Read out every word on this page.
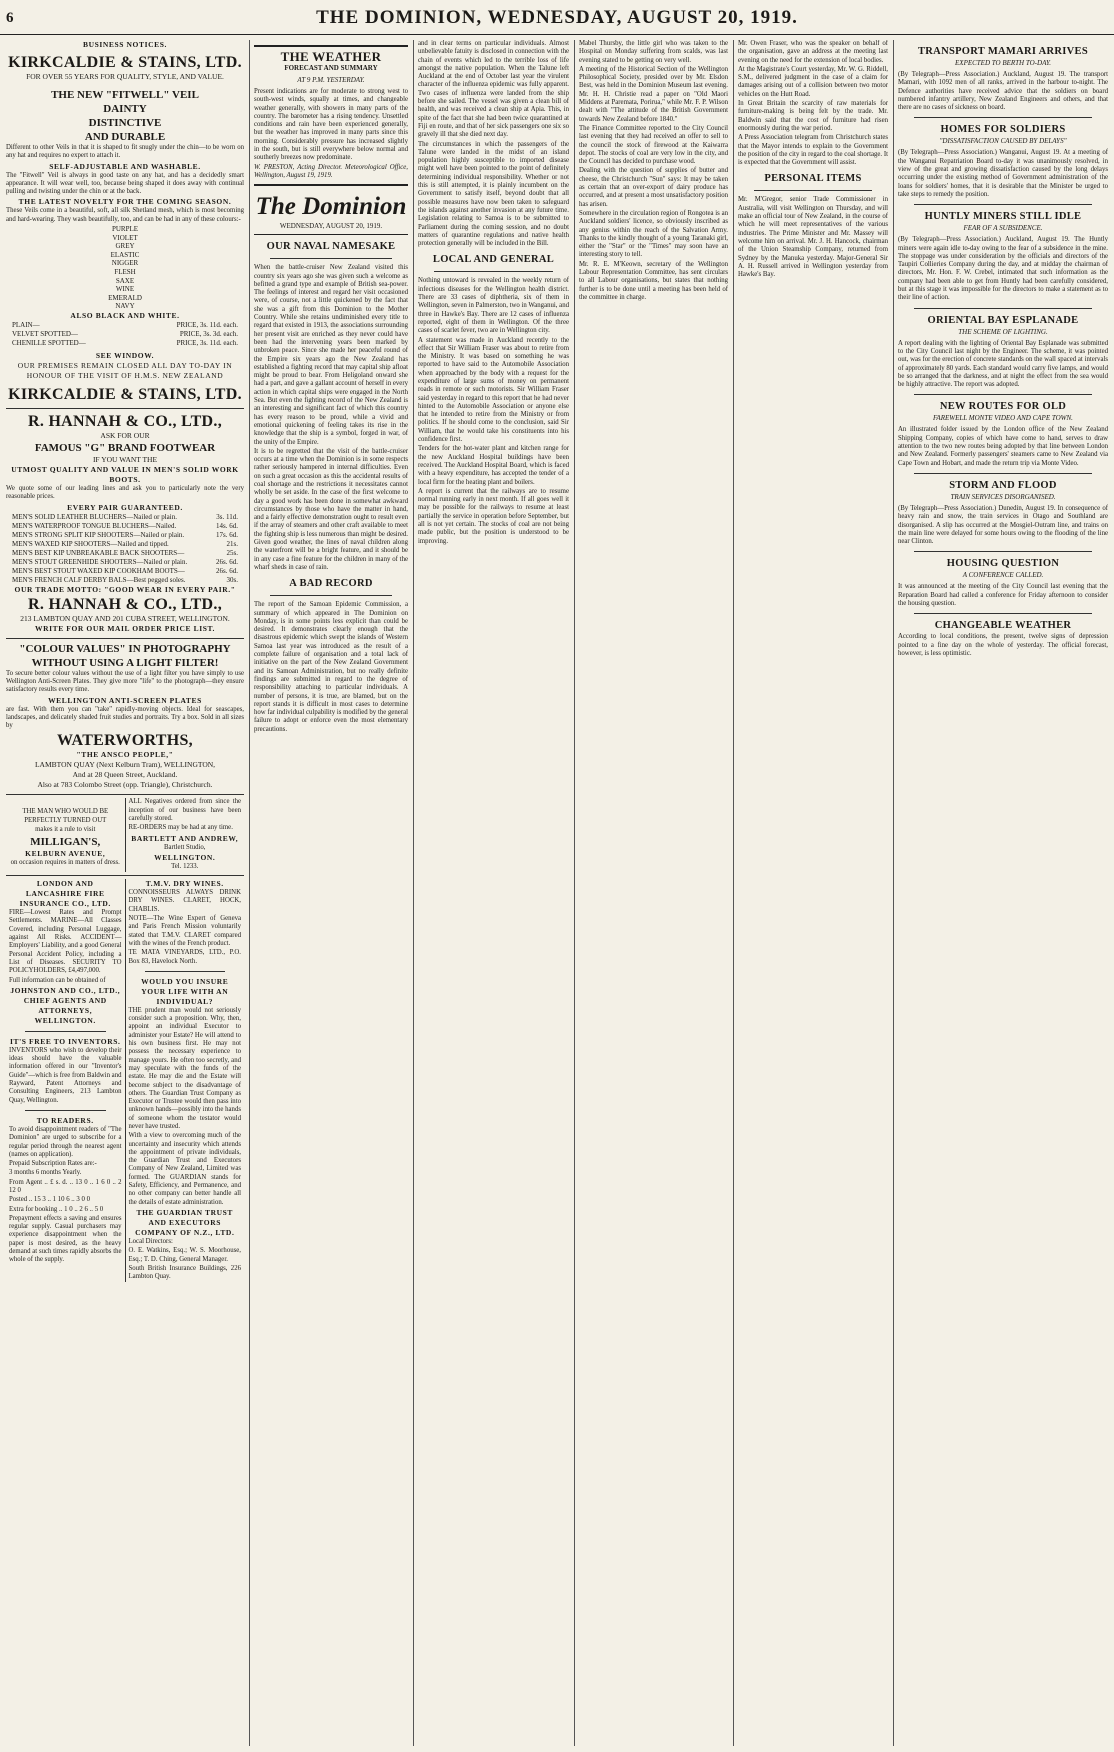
6	THE DOMINION, WEDNESDAY, AUGUST 20, 1919.
BUSINESS NOTICES.
KIRKCALDIE & STAINS, LTD.
FOR OVER 55 YEARS FOR QUALITY, STYLE, AND VALUE.
THE NEW "FITWELL" VEIL
DAINTY
DISTINCTIVE
AND DURABLE

Different to other Veils in that it is shaped to fit snugly under the chin—to be worn on any hat and requires no expert to attach it.

SELF-ADJUSTABLE AND WASHABLE.

The "Fitwell" Veil is always in good taste on any hat, and has a decidedly smart appearance. It will wear well, too, because being shaped it does away with continual pulling and twisting under the chin or at the back.

THE LATEST NOVELTY FOR THE COMING SEASON.

These Veils come in a beautiful, soft, all silk Shetland mesh, which is most becoming and hard-wearing. They wash beautifully, too, and can be had in any of these colours:-

PURPLE
VIOLET
GREY
ELASTIC
NIGGER
FLESH
SAXE
WINE
EMERALD
NAVY
ALSO BLACK AND WHITE.
PLAIN—	PRICE, 3s. 11d. each.
VELVET SPOTTED—	PRICE, 3s. 3d. each.
CHENILLE SPOTTED—	PRICE, 3s. 11d. each.
SEE WINDOW.
OUR PREMISES REMAIN CLOSED ALL DAY TO-DAY IN HONOUR OF THE VISIT OF H.M.S. NEW ZEALAND
KIRKCALDIE & STAINS, LTD.
R. HANNAH & CO., LTD.,
ASK FOR OUR
FAMOUS "G" BRAND FOOTWEAR
IF YOU WANT THE
UTMOST QUALITY AND VALUE IN MEN'S SOLID WORK BOOTS.

We quote some of our leading lines and ask you to particularly note the very reasonable prices.

EVERY PAIR GUARANTEED.
MEN'S SOLID LEATHER BLUCHERS—Nailed or plain.	3s. 11d.
MEN'S WATERPROOF TONGUE BLUCHERS—Nailed.	14s. 6d.
MEN'S STRONG SPLIT KIP SHOOTERS—Nailed or plain.	17s. 6d.
MEN'S WAXED KIP SHOOTERS—Nailed and tipped.	21s.
MEN'S BEST KIP UNBREAKABLE BACK SHOOTERS—	25s.
MEN'S STOUT GREENHIDE SHOOTERS—Nailed or plain.	26s. 6d.
MEN'S BEST STOUT WAXED KIP COOKHAM BOOTS—	26s. 6d.
MEN'S FRENCH CALF DERBY BALS—Best pegged soles.	30s.
OUR TRADE MOTTO: "GOOD WEAR IN EVERY PAIR."
R. HANNAH & CO., LTD.,
213 LAMBTON QUAY AND 201 CUBA STREET, WELLINGTON.
WRITE FOR OUR MAIL ORDER PRICE LIST.
"COLOUR VALUES" IN PHOTOGRAPHY
WITHOUT USING A LIGHT FILTER!

To secure better colour values without the use of a light filter you have simply to use Wellington Anti-Screen Plates. They give more "life" to the photograph—they ensure satisfactory results every time.

WELLINGTON ANTI-SCREEN PLATES

are fast. With them you can "take" rapidly-moving objects. Ideal for seascapes, landscapes, and delicately shaded fruit studies and portraits. Try a box. Sold in all sizes by

WATERWORTHS,
"THE ANSCO PEOPLE,"
LAMBTON QUAY (Next Kelburn Tram), WELLINGTON,
And at 28 Queen Street, Auckland.
Also at 783 Colombo Street (opp. Triangle), Christchurch.
THE MAN WHO WOULD BE PERFECTLY TURNED OUT
makes it a rule to visit
MILLIGAN'S,
KELBURN AVENUE,
on occasion requires in matters of dress.

ALL Negatives ordered from since the inception of our business have been carefully stored.

RE-ORDERS may be had at any time.

BARTLETT AND ANDREW,
Bartlett Studio,
WELLINGTON.
Tel. 1233.
LONDON AND LANCASHIRE FIRE INSURANCE CO., LTD.

FIRE—Lowest Rates and Prompt Settlements. MARINE—All Classes Covered, including Personal Luggage, against All Risks. ACCIDENT—Employers' Liability, and a good General Personal Accident Policy, including a List of Diseases. SECURITY TO POLICYHOLDERS, £4,497,000.

Full information can be obtained of

JOHNSTON AND CO., LTD., CHIEF AGENTS AND ATTORNEYS, WELLINGTON.
IT'S FREE TO INVENTORS.

INVENTORS who wish to develop their ideas should have the valuable information offered in our "Inventor's Guide"—which is free from Baldwin and Rayward, Patent Attorneys and Consulting Engineers, 213 Lambton Quay, Wellington.

TO READERS.

To avoid disappointment readers of "The Dominion" are urged to subscribe for a regular period through the nearest agent (names on application).

Prepaid Subscription Rates are:-

3 months 6 months Yearly.

From Agent .. £ s. d. .. 13 0 .. 1 6 0 .. 2 12 0

Posted .. 15 3 .. 1 10 6 .. 3 0 0

Extra for booking .. 1 0 .. 2 6 .. 5 0

Prepayment effects a saving and ensures regular supply. Casual purchasers may experience disappointment when the paper is most desired, as the heavy demand at such times rapidly absorbs the whole of the supply.

T.M.V. DRY WINES.

CONNOISSEURS ALWAYS DRINK DRY WINES. CLARET, HOCK, CHABLIS.

NOTE—The Wine Expert of Geneva and Paris French Mission voluntarily stated that T.M.V. CLARET compared with the wines of the French product.

TE MATA VINEYARDS, LTD., P.O. Box 83, Havelock North.

WOULD YOU INSURE YOUR LIFE WITH AN INDIVIDUAL?

THE prudent man would not seriously consider such a proposition. Why, then, appoint an individual Executor to administer your Estate? He will attend to his own business first. He may not possess the necessary experience to manage yours. He often too secretly, and may speculate with the funds of the estate. He may die and the Estate will become subject to the disadvantage of others. The Guardian Trust Company as Executor or Trustee would then pass into unknown hands—possibly into the hands of someone whom the testator would never have trusted.

With a view to overcoming much of the uncertainty and insecurity which attends the appointment of private individuals, the Guardian Trust and Executors Company of New Zealand, Limited was formed. The GUARDIAN stands for Safety, Efficiency, and Permanence, and no other company can better handle all the details of estate administration.

THE GUARDIAN TRUST AND EXECUTORS COMPANY OF N.Z., LTD.

Local Directors:

O. E. Watkins, Esq.; W. S. Moorhouse, Esq.; T. D. Ching, General Manager.

South British Insurance Buildings, 226 Lambton Quay.

THE WEATHER
FORECAST AND SUMMARY
AT 9 P.M. YESTERDAY.

Present indications are for moderate to strong west to south-west winds, squally at times, and changeable weather generally, with showers in many parts of the country. The barometer has a rising tendency. Unsettled conditions and rain have been experienced generally, but the weather has improved in many parts since this morning. Considerably pressure has increased slightly in the south, but is still everywhere below normal and southerly breezes now predominate.

W. PRESTON, Acting Director. Meteorological Office, Wellington, August 19, 1919.

The Dominion
WEDNESDAY, AUGUST 20, 1919.
OUR NAVAL NAMESAKE

When the battle-cruiser New Zealand visited this country six years ago she was given such a welcome as befitted a grand type and example of British sea-power. The feelings of interest and regard her visit occasioned were, of course, not a little quickened by the fact that she was a gift from this Dominion to the Mother Country. While she retains undiminished every title to regard that existed in 1913, the associations surrounding her present visit are enriched as they never could have been had the intervening years been marked by unbroken peace. Since she made her peaceful round of the Empire six years ago the New Zealand has established a fighting record that may capital ship afloat might be proud to bear. From Heligoland onward she had a part, and gave a gallant account of herself in every action in which capital ships were engaged in the North Sea. But even the fighting record of the New Zealand is an interesting and significant fact of which this country has every reason to be proud, while a vivid and emotional quickening of feeling takes its rise in the knowledge that the ship is a symbol, forged in war, of the unity of the Empire.

It is to be regretted that the visit of the battle-cruiser occurs at a time when the Dominion is in some respects rather seriously hampered in internal difficulties. Even on such a great occasion as this the accidental results of coal shortage and the restrictions it necessitates cannot wholly be set aside. In the case of the first welcome to day a good work has been done in somewhat awkward circumstances by those who have the matter in hand, and a fairly effective demonstration ought to result even if the array of steamers and other craft available to meet the fighting ship is less numerous than might be desired. Given good weather, the lines of naval children along the waterfront will be a bright feature, and it should be in any case a fine feature for the children in many of the wharf sheds in case of rain.

A BAD RECORD

The report of the Samoan Epidemic Commission, a summary of which appeared in The Dominion on Monday, is in some points less explicit than could be desired. It demonstrates clearly enough that the disastrous epidemic which swept the islands of Western Samoa last year was introduced as the result of a complete failure of organisation and a total lack of initiative on the part of the New Zealand Government and its Samoan Administration, but no really definite findings are submitted in regard to the degree of responsibility attaching to particular individuals. A number of persons, it is true, are blamed, but on the report stands it is difficult in most cases to determine how far individual culpability is modified by the general failure to adopt or enforce even the most elementary precautions.

and in clear terms on particular individuals. Almost unbelievable fatuity is disclosed in connection with the chain of events which led to the terrible loss of life amongst the native population. When the Talune left Auckland at the end of October last year the virulent character of the influenza epidemic was fully apparent. Two cases of influenza were landed from the ship before she sailed. The vessel was given a clean bill of health, and was received a clean ship at Apia. This, in spite of the fact that she had been twice quarantined at Fiji en route, and that of her sick passengers one six so gravely ill that she died next day.

The circumstances in which the passengers of the Talune were landed in the midst of an island population highly susceptible to imported disease might well have been pointed to the point of definitely determining individual responsibility. Whether or not this is still attempted, it is plainly incumbent on the Government to satisfy itself, beyond doubt that all possible measures have now been taken to safeguard the islands against another invasion at any future time. Legislation relating to Samoa is to be submitted to Parliament during the coming session, and no doubt matters of quarantine regulations and native health protection generally will be included in the Bill.

LOCAL AND GENERAL

Nothing untoward is revealed in the weekly return of infectious diseases for the Wellington health district. There are 33 cases of diphtheria, six of them in Wellington, seven in Palmerston, two in Wanganui, and three in Hawke's Bay. There are 12 cases of influenza reported, eight of them in Wellington. Of the three cases of scarlet fever, two are in Wellington city.

A statement was made in Auckland recently to the effect that Sir William Fraser was about to retire from the Ministry. It was based on something he was reported to have said to the Automobile Association when approached by the body with a request for the expenditure of large sums of money on permanent roads in remote or such motorists. Sir William Fraser said yesterday in regard to this report that he had never hinted to the Automobile Association or anyone else that he intended to retire from the Ministry or from politics. If he should come to the conclusion, said Sir William, that he would take his constituents into his confidence first.

Tenders for the hot-water plant and kitchen range for the new Auckland Hospital buildings have been received. The Auckland Hospital Board, which is faced with a heavy expenditure, has accepted the tender of a local firm for the heating plant and boilers.

A report is current that the railways are to resume normal running early in next month. If all goes well it may be possible for the railways to resume at least partially the service in operation before September, but all is not yet certain. The stocks of coal are not being made public, but the position is understood to be improving.

Mabel Thursby, the little girl who was taken to the Hospital on Monday suffering from scalds, was last evening stated to be getting on very well.

A meeting of the Historical Section of the Wellington Philosophical Society, presided over by Mr. Elsdon Best, was held in the Dominion Museum last evening. Mr. H. H. Christie read a paper on "Old Maori Middens at Paremata, Porirua," while Mr. F. P. Wilson dealt with "The attitude of the British Government towards New Zealand before 1840."

The Finance Committee reported to the City Council last evening that they had received an offer to sell to the council the stock of firewood at the Kaiwarra depot. The stocks of coal are very low in the city, and the Council has decided to purchase wood.

Dealing with the question of supplies of butter and cheese, the Christchurch "Sun" says: It may be taken as certain that an over-export of dairy produce has occurred, and at present a most unsatisfactory position has arisen.

Somewhere in the circulation region of Rongotea is an Auckland soldiers' licence, so obviously inscribed as any genius within the reach of the Salvation Army. Thanks to the kindly thought of a young Taranaki girl, either the "Star" or the "Times" may soon have an interesting story to tell.

Mr. R. E. M'Keown, secretary of the Wellington Labour Representation Committee, has sent circulars to all Labour organisations, but states that nothing further is to be done until a meeting has been held of the committee in charge.

Mr. Owen Fraser, who was the speaker on behalf of the organisation, gave an address at the meeting last evening on the need for the extension of local bodies.

At the Magistrate's Court yesterday, Mr. W. G. Riddell, S.M., delivered judgment in the case of a claim for damages arising out of a collision between two motor vehicles on the Hutt Road.

In Great Britain the scarcity of raw materials for furniture-making is being felt by the trade. Mr. Baldwin said that the cost of furniture had risen enormously during the war period.

A Press Association telegram from Christchurch states that the Mayor intends to explain to the Government the position of the city in regard to the coal shortage. It is expected that the Government will assist.

PERSONAL ITEMS

Mr. M'Gregor, senior Trade Commissioner in Australia, will visit Wellington on Thursday, and will make an official tour of New Zealand, in the course of which he will meet representatives of the various industries. The Prime Minister and Mr. Massey will welcome him on arrival. Mr. J. H. Hancock, chairman of the Union Steamship Company, returned from Sydney by the Manuka yesterday. Major-General Sir A. H. Russell arrived in Wellington yesterday from Hawke's Bay.

TRANSPORT MAMARI ARRIVES
EXPECTED TO BERTH TO-DAY.

(By Telegraph—Press Association.) Auckland, August 19. The transport Mamari, with 1092 men of all ranks, arrived in the harbour to-night. The Defence authorities have received advice that the soldiers on board numbered infantry artillery, New Zealand Engineers and others, and that there are no cases of sickness on board.

HOMES FOR SOLDIERS
"DISSATISFACTION CAUSED BY DELAYS"

(By Telegraph—Press Association.) Wanganui, August 19. At a meeting of the Wanganui Repatriation Board to-day it was unanimously resolved, in view of the great and growing dissatisfaction caused by the long delays occurring under the existing method of Government administration of the loans for soldiers' homes, that it is desirable that the Minister be urged to take steps to remedy the position.

HUNTLY MINERS STILL IDLE
FEAR OF A SUBSIDENCE.

(By Telegraph—Press Association.) Auckland, August 19. The Huntly miners were again idle to-day owing to the fear of a subsidence in the mine. The stoppage was under consideration by the officials and directors of the Taupiri Collieries Company during the day, and at midday the chairman of directors, Mr. Hon. F. W. Crebel, intimated that such information as the company had been able to get from Huntly had been carefully considered, but at this stage it was impossible for the directors to make a statement as to their line of action.

ORIENTAL BAY ESPLANADE
THE SCHEME OF LIGHTING.

A report dealing with the lighting of Oriental Bay Esplanade was submitted to the City Council last night by the Engineer. The scheme, it was pointed out, was for the erection of concrete standards on the wall spaced at intervals of approximately 80 yards. Each standard would carry five lamps, and would be so arranged that the darkness, and at night the effect from the sea would be highly attractive. The report was adopted.

NEW ROUTES FOR OLD
FAREWELL MONTE VIDEO AND CAPE TOWN.

An illustrated folder issued by the London office of the New Zealand Shipping Company, copies of which have come to hand, serves to draw attention to the two new routes being adopted by that line between London and New Zealand. Formerly passengers' steamers came to New Zealand via Cape Town and Hobart, and made the return trip via Monte Video.

STORM AND FLOOD
TRAIN SERVICES DISORGANISED.

(By Telegraph—Press Association.) Dunedin, August 19. In consequence of heavy rain and snow, the train services in Otago and Southland are disorganised. A slip has occurred at the Mosgiel-Outram line, and trains on the main line were delayed for some hours owing to the flooding of the line near Clinton.

HOUSING QUESTION
A CONFERENCE CALLED.

It was announced at the meeting of the City Council last evening that the Reparation Board had called a conference for Friday afternoon to consider the housing question.

CHANGEABLE WEATHER

According to local conditions, the present, twelve signs of depression pointed to a fine day on the whole of yesterday. The official forecast, however, is less optimistic.
